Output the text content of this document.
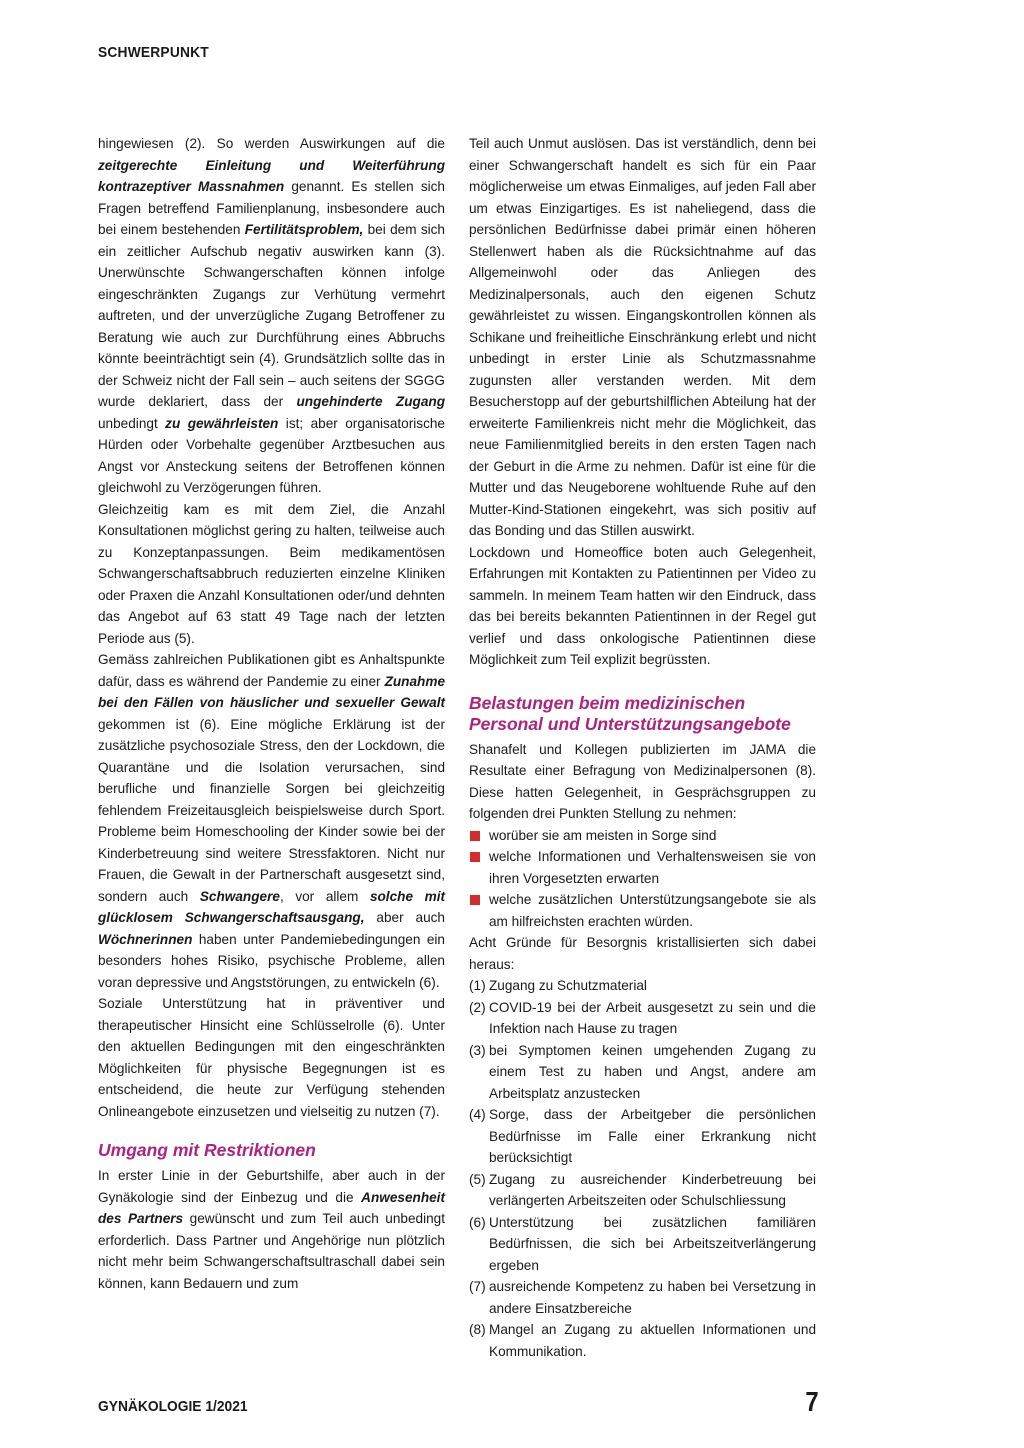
SCHWERPUNKT

hingewiesen (2). So werden Auswirkungen auf die zeitgerechte Einleitung und Weiterführung kontrazeptiver Massnahmen genannt. Es stellen sich Fragen betreffend Familienplanung, insbesondere auch bei einem bestehenden Fertilitätsproblem, bei dem sich ein zeitlicher Aufschub negativ auswirken kann (3). Unerwünschte Schwangerschaften können infolge eingeschränkten Zugangs zur Verhütung vermehrt auftreten, und der unverzügliche Zugang Betroffener zu Beratung wie auch zur Durchführung eines Abbruchs könnte beeinträchtigt sein (4). Grundsätzlich sollte das in der Schweiz nicht der Fall sein – auch seitens der SGGG wurde deklariert, dass der ungehinderte Zugang unbedingt zu gewährleisten ist; aber organisatorische Hürden oder Vorbehalte gegenüber Arztbesuchen aus Angst vor Ansteckung seitens der Betroffenen können gleichwohl zu Verzögerungen führen.

Gleichzeitig kam es mit dem Ziel, die Anzahl Konsultationen möglichst gering zu halten, teilweise auch zu Konzeptanpassungen. Beim medikamentösen Schwangerschaftsabbruch reduzierten einzelne Kliniken oder Praxen die Anzahl Konsultationen oder/und dehnten das Angebot auf 63 statt 49 Tage nach der letzten Periode aus (5).

Gemäss zahlreichen Publikationen gibt es Anhaltspunkte dafür, dass es während der Pandemie zu einer Zunahme bei den Fällen von häuslicher und sexueller Gewalt gekommen ist (6). Eine mögliche Erklärung ist der zusätzliche psychosoziale Stress, den der Lockdown, die Quarantäne und die Isolation verursachen, sind berufliche und finanzielle Sorgen bei gleichzeitig fehlendem Freizeitausgleich beispielsweise durch Sport. Probleme beim Homeschooling der Kinder sowie bei der Kinderbetreuung sind weitere Stressfaktoren. Nicht nur Frauen, die Gewalt in der Partnerschaft ausgesetzt sind, sondern auch Schwangere, vor allem solche mit glücklosem Schwangerschaftsausgang, aber auch Wöchnerinnen haben unter Pandemiebedingungen ein besonders hohes Risiko, psychische Probleme, allen voran depressive und Angststörungen, zu entwickeln (6).

Soziale Unterstützung hat in präventiver und therapeutischer Hinsicht eine Schlüsselrolle (6). Unter den aktuellen Bedingungen mit den eingeschränkten Möglichkeiten für physische Begegnungen ist es entscheidend, die heute zur Verfügung stehenden Onlineangebote einzusetzen und vielseitig zu nutzen (7).

Umgang mit Restriktionen

In erster Linie in der Geburtshilfe, aber auch in der Gynäkologie sind der Einbezug und die Anwesenheit des Partners gewünscht und zum Teil auch unbedingt erforderlich. Dass Partner und Angehörige nun plötzlich nicht mehr beim Schwangerschaftsultraschall dabei sein können, kann Bedauern und zum

Teil auch Unmut auslösen. Das ist verständlich, denn bei einer Schwangerschaft handelt es sich für ein Paar möglicherweise um etwas Einmaliges, auf jeden Fall aber um etwas Einzigartiges. Es ist naheliegend, dass die persönlichen Bedürfnisse dabei primär einen höheren Stellenwert haben als die Rücksichtnahme auf das Allgemeinwohl oder das Anliegen des Medizinalpersonals, auch den eigenen Schutz gewährleistet zu wissen. Eingangskontrollen können als Schikane und freiheitliche Einschränkung erlebt und nicht unbedingt in erster Linie als Schutzmassnahme zugunsten aller verstanden werden. Mit dem Besucherstopp auf der geburtshilflichen Abteilung hat der erweiterte Familienkreis nicht mehr die Möglichkeit, das neue Familienmitglied bereits in den ersten Tagen nach der Geburt in die Arme zu nehmen. Dafür ist eine für die Mutter und das Neugeborene wohltuende Ruhe auf den Mutter-Kind-Stationen eingekehrt, was sich positiv auf das Bonding und das Stillen auswirkt.

Lockdown und Homeoffice boten auch Gelegenheit, Erfahrungen mit Kontakten zu Patientinnen per Video zu sammeln. In meinem Team hatten wir den Eindruck, dass das bei bereits bekannten Patientinnen in der Regel gut verlief und dass onkologische Patientinnen diese Möglichkeit zum Teil explizit begrüssten.

Belastungen beim medizinischen Personal und Unterstützungsangebote

Shanafelt und Kollegen publizierten im JAMA die Resultate einer Befragung von Medizinalpersonen (8). Diese hatten Gelegenheit, in Gesprächsgruppen zu folgenden drei Punkten Stellung zu nehmen:

worüber sie am meisten in Sorge sind
welche Informationen und Verhaltensweisen sie von ihren Vorgesetzten erwarten
welche zusätzlichen Unterstützungsangebote sie als am hilfreichsten erachten würden.

Acht Gründe für Besorgnis kristallisierten sich dabei heraus:

(1) Zugang zu Schutzmaterial
(2) COVID-19 bei der Arbeit ausgesetzt zu sein und die Infektion nach Hause zu tragen
(3) bei Symptomen keinen umgehenden Zugang zu einem Test zu haben und Angst, andere am Arbeitsplatz anzustecken
(4) Sorge, dass der Arbeitgeber die persönlichen Bedürfnisse im Falle einer Erkrankung nicht berücksichtigt
(5) Zugang zu ausreichender Kinderbetreuung bei verlängerten Arbeitszeiten oder Schulschliessung
(6) Unterstützung bei zusätzlichen familiären Bedürfnissen, die sich bei Arbeitszeitverlängerung ergeben
(7) ausreichende Kompetenz zu haben bei Versetzung in andere Einsatzbereiche
(8) Mangel an Zugang zu aktuellen Informationen und Kommunikation.
GYNÄKOLOGIE 1/2021	7
